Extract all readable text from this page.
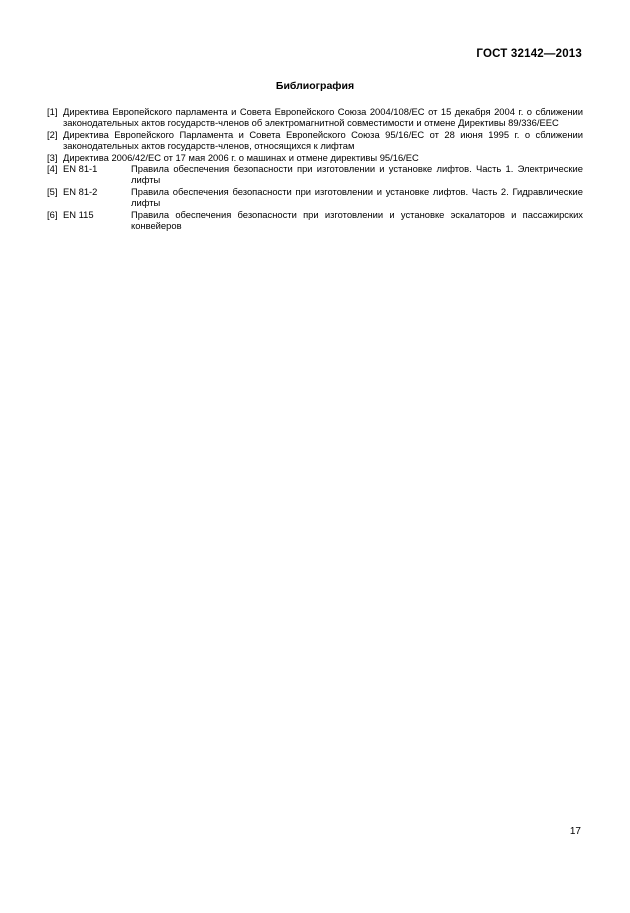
ГОСТ 32142—2013
Библиография
[1] Директива Европейского парламента и Совета Европейского Союза 2004/108/ЕС от 15 декабря 2004 г. о сближении законодательных актов государств-членов об электромагнитной совместимости и отмене Директивы 89/336/ЕЕС
[2] Директива Европейского Парламента и Совета Европейского Союза 95/16/ЕС от 28 июня 1995 г. о сближении законодательных актов государств-членов, относящихся к лифтам
[3] Директива 2006/42/ЕС от 17 мая 2006 г. о машинах и отмене директивы 95/16/ЕС
[4] EN 81-1	Правила обеспечения безопасности при изготовлении и установке лифтов. Часть 1. Электрические лифты
[5] EN 81-2	Правила обеспечения безопасности при изготовлении и установке лифтов. Часть 2. Гидравлические лифты
[6] EN 115	Правила обеспечения безопасности при изготовлении и установке эскалаторов и пассажирских конвейеров
17
